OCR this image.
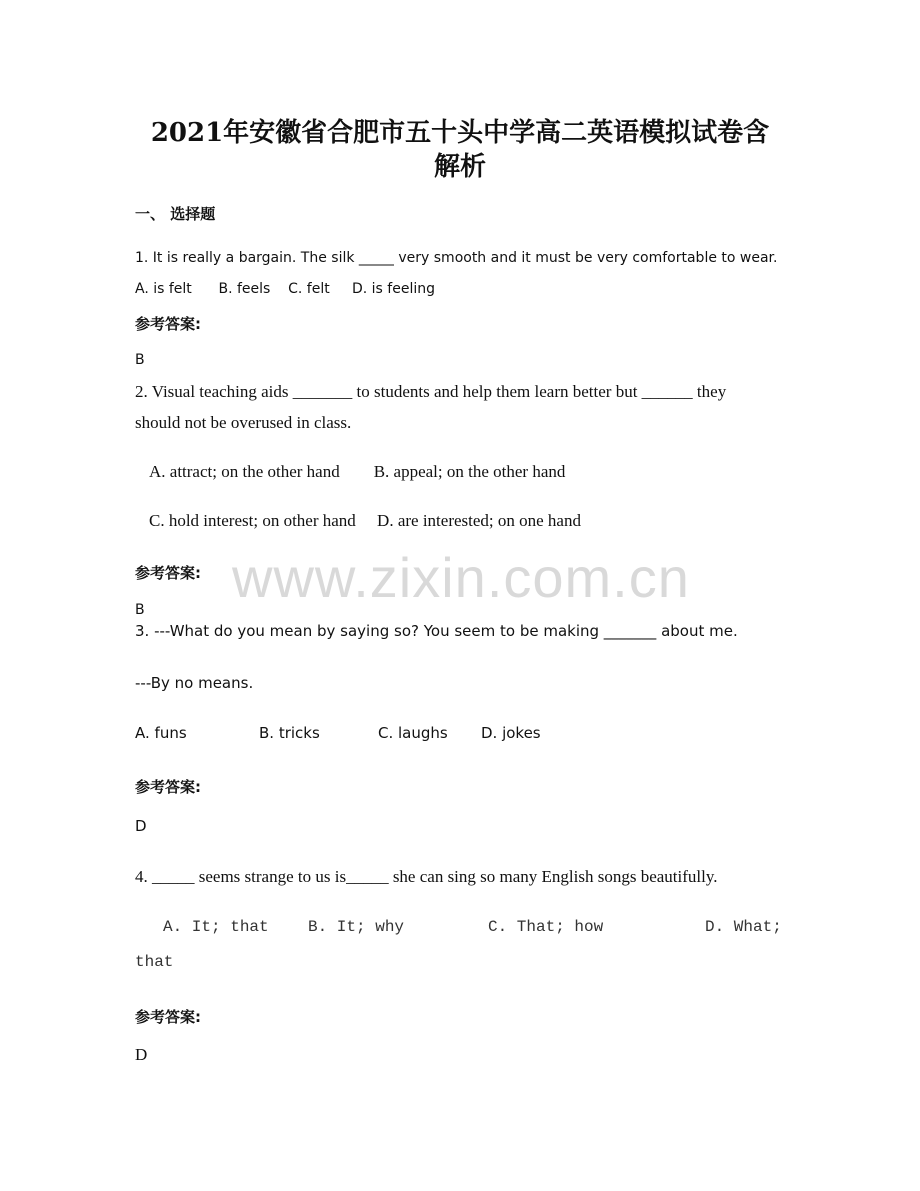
www.zixin.com.cn
2021年安徽省合肥市五十头中学高二英语模拟试卷含
解析
一、 选择题
1. It is really a bargain. The silk _____ very smooth and it must be very comfortable to wear.
A. is felt      B. feels    C. felt     D. is feeling
参考答案:
B
2. Visual teaching aids _______ to students and help them learn better but ______ they
should not be overused in class.
A. attract; on the other hand        B. appeal; on the other hand
C. hold interest; on other hand     D. are interested; on one hand
参考答案:
B
3. ---What do you mean by saying so? You seem to be making _______ about me.
---By no means.
A. funs	B. tricks	C. laughs D. jokes
参考答案:
D
4. _____ seems strange to us is_____ she can sing so many English songs beautifully.
A. It; that B. It; why	C. That; how	D. What;
that
参考答案:
D
